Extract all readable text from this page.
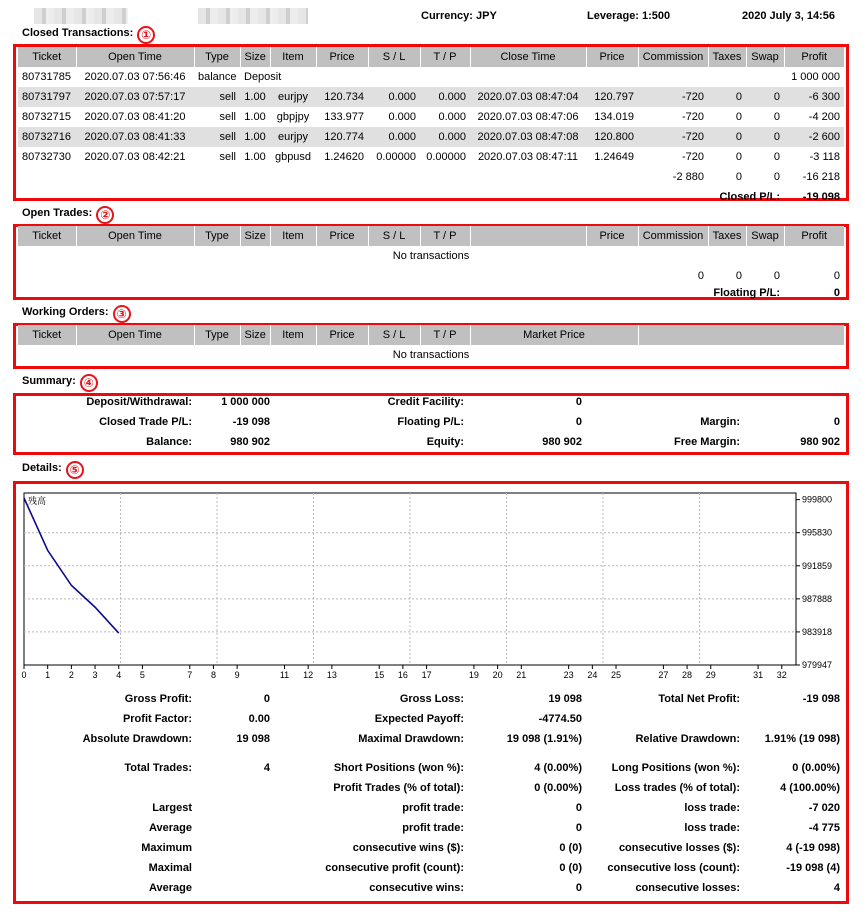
Currency: JPY	Leverage: 1:500	2020 July 3, 14:56
Closed Transactions: ①
Ticket	Open Time	Type	Size	Item	Price	S / L	T / P	Close Time	Price	Commission	Taxes	Swap	Profit
80731785	2020.07.03 07:56:46	balance	Deposit										1 000 000
80731797	2020.07.03 07:57:17	sell	1.00	eurjpy	120.734	0.000	0.000	2020.07.03 08:47:04	120.797	-720	0	0	-6 300
80732715	2020.07.03 08:41:20	sell	1.00	gbpjpy	133.977	0.000	0.000	2020.07.03 08:47:06	134.019	-720	0	0	-4 200
80732716	2020.07.03 08:41:33	sell	1.00	eurjpy	120.774	0.000	0.000	2020.07.03 08:47:08	120.800	-720	0	0	-2 600
80732730	2020.07.03 08:42:21	sell	1.00	gbpusd	1.24620	0.00000	0.00000	2020.07.03 08:47:11	1.24649	-720	0	0	-3 118
										-2 880	0	0	-16 218
									Closed P/L:				-19 098
Open Trades: ②
Ticket	Open Time	Type	Size	Item	Price	S / L	T / P		Price	Commission	Taxes	Swap	Profit
No transactions													
										0	0	0	0
									Floating P/L:				0
Working Orders: ③
Ticket	Open Time	Type	Size	Item	Price	S / L	T / P	Market Price	
No transactions
Summary: ④
Deposit/Withdrawal:	1 000 000	Credit Facility:	0		
Closed Trade P/L:	-19 098	Floating P/L:	0	Margin:	0
Balance:	980 902	Equity:	980 902	Free Margin:	980 902
Details: ⑤
999800
995830
991859
987888
983918
979947
0 1 2 3 4 5	7 8 9	11 12 13	15 16 17	19 20 21	23 24 25	27 28 29	31 32
残高
Gross Profit:	0	Gross Loss:	19 098	Total Net Profit:	-19 098
Profit Factor:	0.00	Expected Payoff:	-4774.50		
Absolute Drawdown:	19 098	Maximal Drawdown:	19 098 (1.91%)	Relative Drawdown:	1.91% (19 098)

Total Trades:	4	Short Positions (won %):	4 (0.00%)	Long Positions (won %):	0 (0.00%)
		Profit Trades (% of total):	0 (0.00%)	Loss trades (% of total):	4 (100.00%)
Largest		profit trade:	0	loss trade:	-7 020
Average		profit trade:	0	loss trade:	-4 775
Maximum		consecutive wins ($):	0 (0)	consecutive losses ($):	4 (-19 098)
Maximal		consecutive profit (count):	0 (0)	consecutive loss (count):	-19 098 (4)
Average		consecutive wins:	0	consecutive losses:	4
